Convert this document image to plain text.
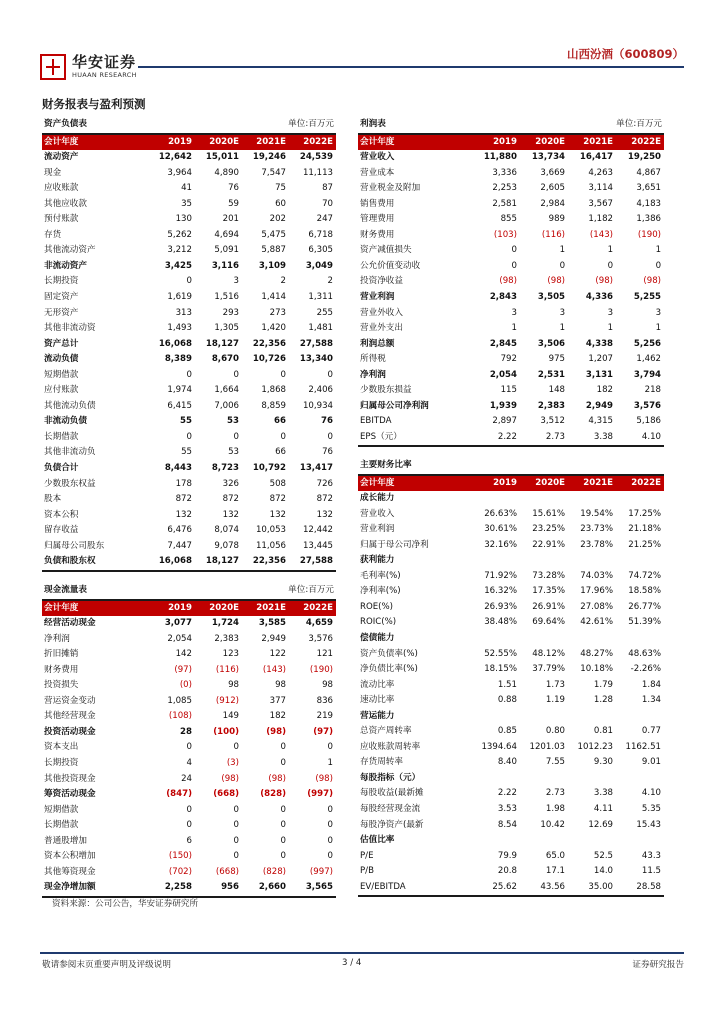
华安证券
HUAAN RESEARCH
山西汾酒（600809）
财务报表与盈利预测
资产负债表			单位:百万元	
会计年度	2019	2020E	2021E	2022E
流动资产	12,642	15,011	19,246	24,539
现金	3,964	4,890	7,547	11,113
应收账款	41	76	75	87
其他应收款	35	59	60	70
预付账款	130	201	202	247
存货	5,262	4,694	5,475	6,718
其他流动资产	3,212	5,091	5,887	6,305
非流动资产	3,425	3,116	3,109	3,049
长期投资	0	3	2	2
固定资产	1,619	1,516	1,414	1,311
无形资产	313	293	273	255
其他非流动资	1,493	1,305	1,420	1,481
资产总计	16,068	18,127	22,356	27,588
流动负债	8,389	8,670	10,726	13,340
短期借款	0	0	0	0
应付账款	1,974	1,664	1,868	2,406
其他流动负债	6,415	7,006	8,859	10,934
非流动负债	55	53	66	76
长期借款	0	0	0	0
其他非流动负	55	53	66	76
负债合计	8,443	8,723	10,792	13,417
少数股东权益	178	326	508	726
股本	872	872	872	872
资本公积	132	132	132	132
留存收益	6,476	8,074	10,053	12,442
归属母公司股东	7,447	9,078	11,056	13,445
负债和股东权	16,068	18,127	22,356	27,588
现金流量表			单位:百万元	
会计年度	2019	2020E	2021E	2022E
经营活动现金	3,077	1,724	3,585	4,659
净利润	2,054	2,383	2,949	3,576
折旧摊销	142	123	122	121
财务费用	(97)	(116)	(143)	(190)
投资损失	(0)	98	98	98
营运资金变动	1,085	(912)	377	836
其他经营现金	(108)	149	182	219
投资活动现金	28	(100)	(98)	(97)
资本支出	0	0	0	0
长期投资	4	(3)	0	1
其他投资现金	24	(98)	(98)	(98)
筹资活动现金	(847)	(668)	(828)	(997)
短期借款	0	0	0	0
长期借款	0	0	0	0
普通股增加	6	0	0	0
资本公积增加	(150)	0	0	0
其他筹资现金	(702)	(668)	(828)	(997)
现金净增加额	2,258	956	2,660	3,565
利润表			单位:百万元	
会计年度	2019	2020E	2021E	2022E
营业收入	11,880	13,734	16,417	19,250
营业成本	3,336	3,669	4,263	4,867
营业税金及附加	2,253	2,605	3,114	3,651
销售费用	2,581	2,984	3,567	4,183
管理费用	855	989	1,182	1,386
财务费用	(103)	(116)	(143)	(190)
资产减值损失	0	1	1	1
公允价值变动收	0	0	0	0
投资净收益	(98)	(98)	(98)	(98)
营业利润	2,843	3,505	4,336	5,255
营业外收入	3	3	3	3
营业外支出	1	1	1	1
利润总额	2,845	3,506	4,338	5,256
所得税	792	975	1,207	1,462
净利润	2,054	2,531	3,131	3,794
少数股东损益	115	148	182	218
归属母公司净利润	1,939	2,383	2,949	3,576
EBITDA	2,897	3,512	4,315	5,186
EPS（元）	2.22	2.73	3.38	4.10
主要财务比率				
会计年度	2019	2020E	2021E	2022E
成长能力				
营业收入	26.63%	15.61%	19.54%	17.25%
营业利润	30.61%	23.25%	23.73%	21.18%
归属于母公司净利	32.16%	22.91%	23.78%	21.25%
获利能力				
毛利率(%)	71.92%	73.28%	74.03%	74.72%
净利率(%)	16.32%	17.35%	17.96%	18.58%
ROE(%)	26.93%	26.91%	27.08%	26.77%
ROIC(%)	38.48%	69.64%	42.61%	51.39%
偿债能力				
资产负债率(%)	52.55%	48.12%	48.27%	48.63%
净负债比率(%)	18.15%	37.79%	10.18%	-2.26%
流动比率	1.51	1.73	1.79	1.84
速动比率	0.88	1.19	1.28	1.34
营运能力				
总资产周转率	0.85	0.80	0.81	0.77
应收账款周转率	1394.64	1201.03	1012.23	1162.51
存货周转率	8.40	7.55	9.30	9.01
每股指标（元）				
每股收益(最新摊	2.22	2.73	3.38	4.10
每股经营现金流	3.53	1.98	4.11	5.35
每股净资产(最新	8.54	10.42	12.69	15.43
估值比率				
P/E	79.9	65.0	52.5	43.3
P/B	20.8	17.1	14.0	11.5
EV/EBITDA	25.62	43.56	35.00	28.58
资料来源：公司公告，华安证券研究所
敬请参阅末页重要声明及评级说明	3 / 4	证券研究报告
